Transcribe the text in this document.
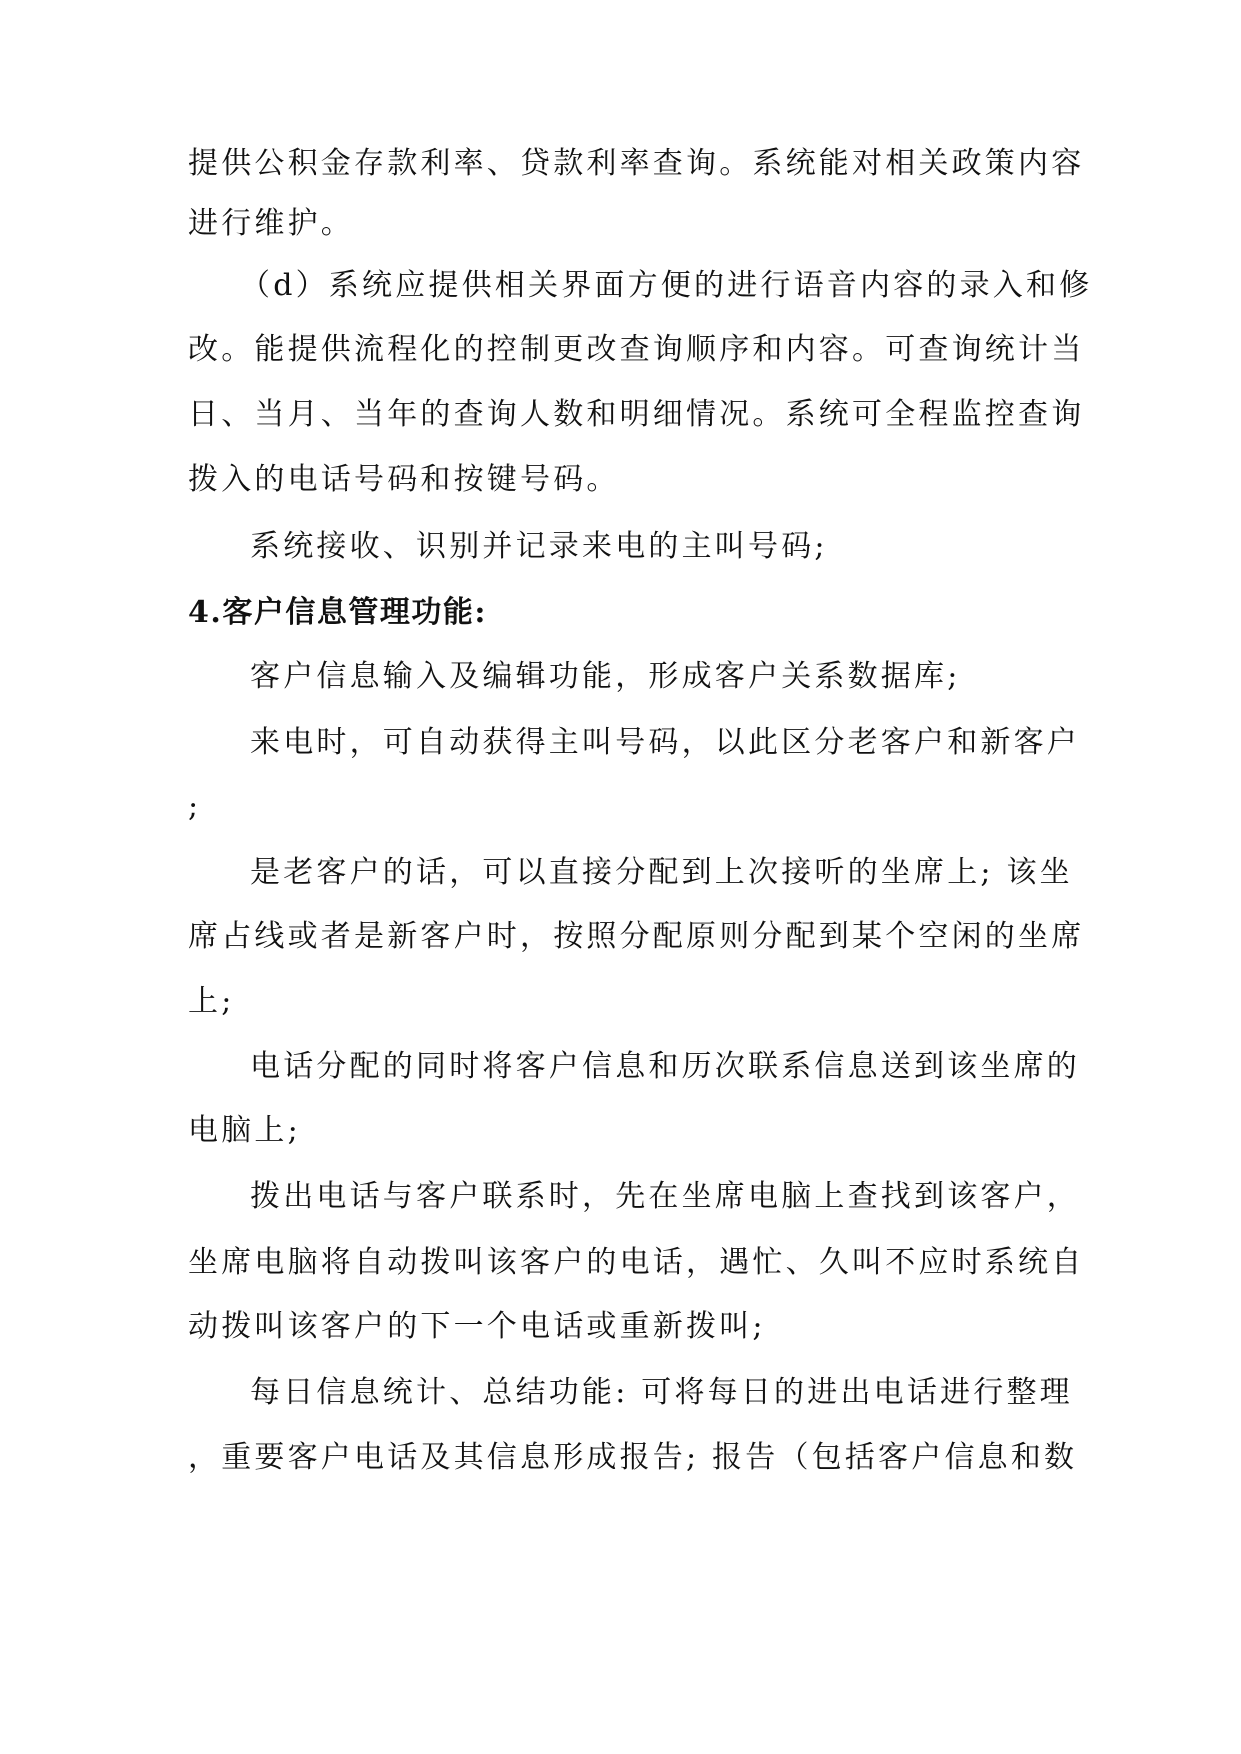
提供公积金存款利率、贷款利率查询。系统能对相关政策内容
进行维护。
（d）系统应提供相关界面方便的进行语音内容的录入和修
改。能提供流程化的控制更改查询顺序和内容。可查询统计当
日、当月、当年的查询人数和明细情况。系统可全程监控查询
拨入的电话号码和按键号码。
系统接收、识别并记录来电的主叫号码;
4.客户信息管理功能:
客户信息输入及编辑功能，形成客户关系数据库;
来电时，可自动获得主叫号码，以此区分老客户和新客户
;
是老客户的话，可以直接分配到上次接听的坐席上; 该坐
席占线或者是新客户时，按照分配原则分配到某个空闲的坐席
上;
电话分配的同时将客户信息和历次联系信息送到该坐席的
电脑上;
拨出电话与客户联系时，先在坐席电脑上查找到该客户，
坐席电脑将自动拨叫该客户的电话，遇忙、久叫不应时系统自
动拨叫该客户的下一个电话或重新拨叫;
每日信息统计、总结功能: 可将每日的进出电话进行整理
，重要客户电话及其信息形成报告; 报告（包括客户信息和数
